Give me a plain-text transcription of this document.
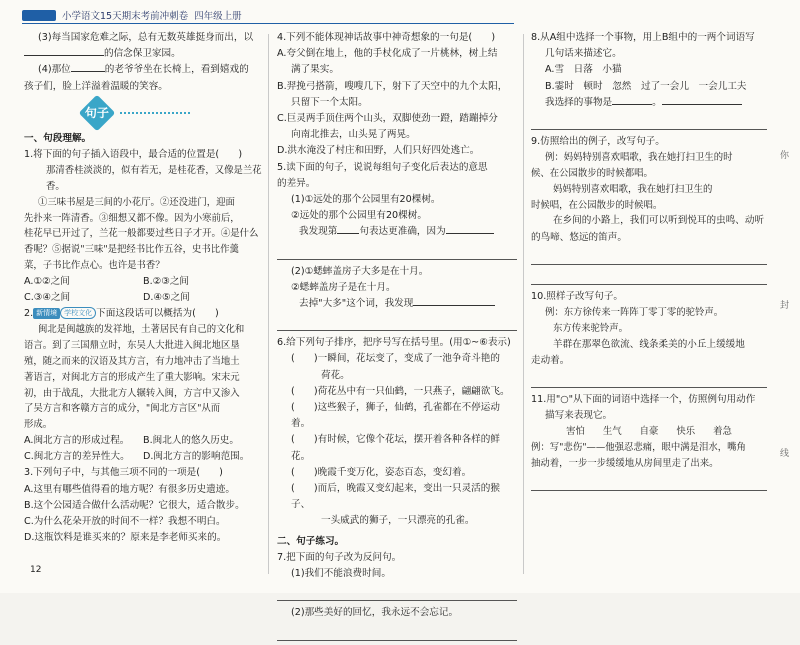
小学语文15天期末考前冲刺卷 四年级上册

(3)每当国家危难之际，总有无数英雄挺身而出，以

的信念保卫家园。

(4)那位	的老爷爷坐在长椅上，看到嬉戏的

孩子们，脸上洋溢着温暖的笑容。

句子

一、句段理解。

1.将下面的句子插入语段中，最合适的位置是(　　)

那清香桂淡淡的，似有若无，是桂花香，又像是兰花香。

①三味书屋是三间的小花厅。②还没进门，迎面

先扑来一阵清香。③细想又都不像。因为小寒前后，

桂花早已开过了，兰花一般都要过些日子才开。④是什么

香呢？⑤据说"三味"是把经书比作五谷，史书比作羹

菜，子书比作点心。也许是书香？

A.①②之间	B.②③之间
C.③④之间	D.④⑤之间

2. 新情境 学校文化 下面这段话可以概括为(　　)

闽北是闽越族的发祥地，土著居民有自己的文化和

语言。到了三国鼎立时，东吴人大批进入闽北地区垦

殖，随之而来的汉语及其方言，有力地冲击了当地土

著语言，对闽北方言的形成产生了重大影响。宋末元

初，由于战乱，大批北方人辗转入闽，方言中又渗入

了吴方言和客赣方言的成分，"闽北方言区"从而

形成。

A.闽北方言的形成过程。	B.闽北人的悠久历史。
C.闽北方言的差异性大。	D.闽北方言的影响范围。

3.下列句子中，与其他三项不同的一项是(　　)

A.这里有哪些值得看的地方呢？有很多历史遗迹。

B.这个公园适合做什么活动呢？它很大，适合散步。

C.为什么花朵开放的时间不一样？我想不明白。

D.这瓶饮料是谁买来的？原来是李老师买来的。

4.下列不能体现神话故事中神奇想象的一句是(　　)

A.夸父倒在地上，他的手杖化成了一片桃林，树上结

满了果实。

B.羿挽弓搭箭，嗖嗖几下，射下了天空中的九个太阳，

只留下一个太阳。

C.巨灵两手顶住两个山头，双脚使劲一蹬，踏蹦掉分

向南北推去，山头晃了两晃。

D.洪水淹没了村庄和田野，人们只好四处逃亡。

5.读下面的句子，说说每组句子变化后表达的意思

的差异。

(1)①远处的那个公园里有20棵树。

②远处的那个公园里有20棵树。

我发现第 句表达更准确，因为

(2)①蟋蟀盖房子大多是在十月。

②蟋蟀盖房子是在十月。

去掉"大多"这个词，我发现

6.给下列句子排序，把序号写在括号里。(用①~⑥表示)

(　　)一瞬间，花坛变了，变成了一池争奇斗艳的

荷花。

(　　)荷花丛中有一只仙鹤，一只燕子，翩翩欲飞。

(　　)这些猴子，狮子，仙鹤，孔雀都在不停运动着。

(　　)有时候，它像个花坛，摆开着各种各样的鲜花。

(　　)晚霞千变万化，姿态百态，变幻着。

(　　)而后，晚霞又变幻起来，变出一只灵活的猴子、

一头威武的狮子，一只漂亮的孔雀。

二、句子练习。

7.把下面的句子改为反问句。

(1)我们不能浪费时间。

(2)那些美好的回忆，我永远不会忘记。

8.从A组中选择一个事物，用上B组中的一两个词语写

几句话来描述它。

A.雪　日落　小猫

B.霎时　顿时　忽然　过了一会儿　一会儿工夫

我选择的事物是	。

9.仿照给出的例子，改写句子。

例：妈妈特别喜欢唱歌，我在她打扫卫生的时

候、在公园散步的时候都唱。

妈妈特别喜欢唱歌，我在她打扫卫生的

时候唱，在公园散步的时候唱。

在乡间的小路上，我们可以听到悦耳的虫鸣、动听

的鸟啼、悠远的笛声。

10.照样子改写句子。

例：东方徐传来一阵阵丁零丁零的驼铃声。

东方传来驼铃声。

羊群在那翠色欲流、线条柔美的小丘上缓缓地

走动着。

11.用"○"从下面的词语中选择一个，仿照例句用动作

描写来表现它。

害怕 生气 自豪 快乐 着急

例：写"悲伤"——他强忍悲痛，眼中满是泪水，嘴角

抽动着，一步一步缓缓地从房间里走了出来。

你
封
线
12
